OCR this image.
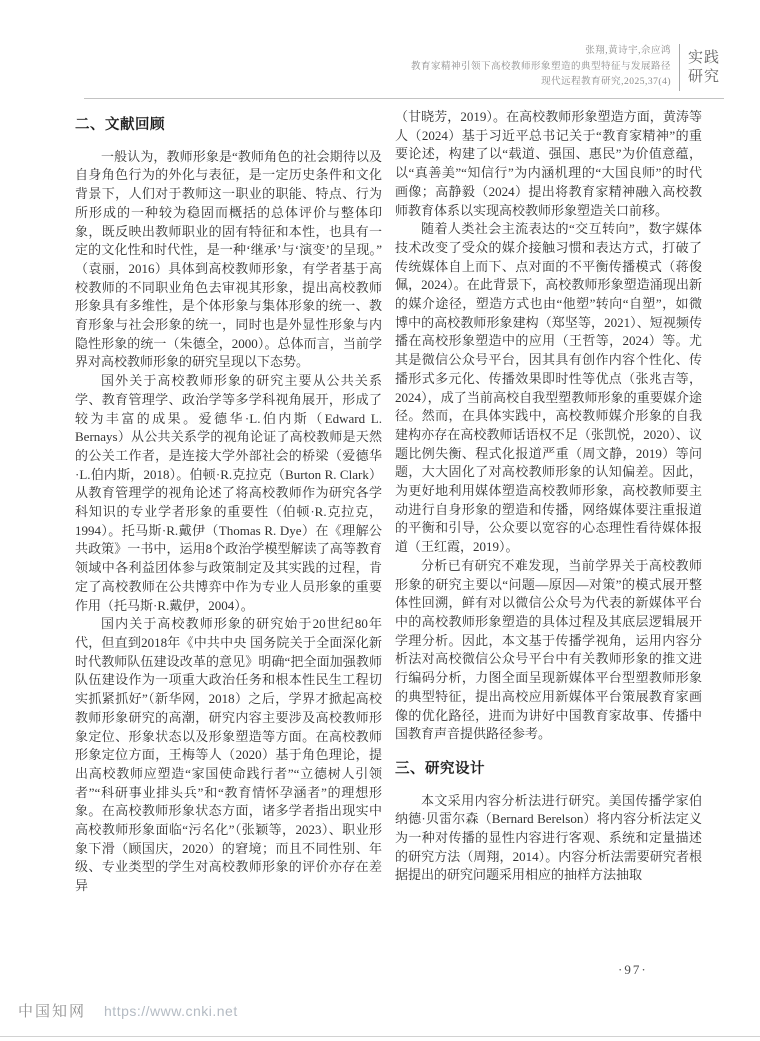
张翔,黄诗宇,佘应鸿
教育家精神引领下高校教师形象塑造的典型特征与发展路径
现代远程教育研究,2025,37(4)
实践
研究
二、文献回顾

一般认为，教师形象是“教师角色的社会期待以及自身角色行为的外化与表征，是一定历史条件和文化背景下，人们对于教师这一职业的职能、特点、行为所形成的一种较为稳固而概括的总体评价与整体印象，既反映出教师职业的固有特征和本性，也具有一定的文化性和时代性，是一种‘继承’与‘演变’的呈现。”（袁丽，2016）具体到高校教师形象，有学者基于高校教师的不同职业角色去审视其形象，提出高校教师形象具有多维性，是个体形象与集体形象的统一、教育形象与社会形象的统一，同时也是外显性形象与内隐性形象的统一（朱德全，2000）。总体而言，当前学界对高校教师形象的研究呈现以下态势。

国外关于高校教师形象的研究主要从公共关系学、教育管理学、政治学等多学科视角展开，形成了较为丰富的成果。爱德华·L.伯内斯（Edward L. Bernays）从公共关系学的视角论证了高校教师是天然的公关工作者，是连接大学外部社会的桥梁（爱德华·L.伯内斯，2018）。伯顿·R.克拉克（Burton R. Clark）从教育管理学的视角论述了将高校教师作为研究各学科知识的专业学者形象的重要性（伯顿·R.克拉克，1994）。托马斯·R.戴伊（Thomas R. Dye）在《理解公共政策》一书中，运用8个政治学模型解读了高等教育领域中各利益团体参与政策制定及其实践的过程，肯定了高校教师在公共博弈中作为专业人员形象的重要作用（托马斯·R.戴伊，2004）。

国内关于高校教师形象的研究始于20世纪80年代，但直到2018年《中共中央 国务院关于全面深化新时代教师队伍建设改革的意见》明确“把全面加强教师队伍建设作为一项重大政治任务和根本性民生工程切实抓紧抓好”（新华网，2018）之后，学界才掀起高校教师形象研究的高潮，研究内容主要涉及高校教师形象定位、形象状态以及形象塑造等方面。在高校教师形象定位方面，王梅等人（2020）基于角色理论，提出高校教师应塑造“家国使命践行者”“立德树人引领者”“科研事业排头兵”和“教育情怀孕涵者”的理想形象。在高校教师形象状态方面，诸多学者指出现实中高校教师形象面临“污名化”（张颖等，2023）、职业形象下滑（顾国庆，2020）的窘境；而且不同性别、年级、专业类型的学生对高校教师形象的评价亦存在差异

（甘晓芳，2019）。在高校教师形象塑造方面，黄涛等人（2024）基于习近平总书记关于“教育家精神”的重要论述，构建了以“载道、强国、惠民”为价值意蕴，以“真善美”“知信行”为内涵机理的“大国良师”的时代画像；高静毅（2024）提出将教育家精神融入高校教师教育体系以实现高校教师形象塑造关口前移。

随着人类社会主流表达的“交互转向”，数字媒体技术改变了受众的媒介接触习惯和表达方式，打破了传统媒体自上而下、点对面的不平衡传播模式（蒋俊佩，2024）。在此背景下，高校教师形象塑造涌现出新的媒介途径，塑造方式也由“他塑”转向“自塑”，如微博中的高校教师形象建构（郑坚等，2021）、短视频传播在高校形象塑造中的应用（王哲等，2024）等。尤其是微信公众号平台，因其具有创作内容个性化、传播形式多元化、传播效果即时性等优点（张兆吉等，2024），成了当前高校自我型塑教师形象的重要媒介途径。然而，在具体实践中，高校教师媒介形象的自我建构亦存在高校教师话语权不足（张凯悦，2020）、议题比例失衡、程式化报道严重（周文静，2019）等问题，大大固化了对高校教师形象的认知偏差。因此，为更好地利用媒体塑造高校教师形象，高校教师要主动进行自身形象的塑造和传播，网络媒体要注重报道的平衡和引导，公众要以宽容的心态理性看待媒体报道（王红霞，2019）。

分析已有研究不难发现，当前学界关于高校教师形象的研究主要以“问题—原因—对策”的模式展开整体性回溯，鲜有对以微信公众号为代表的新媒体平台中的高校教师形象塑造的具体过程及其底层逻辑展开学理分析。因此，本文基于传播学视角，运用内容分析法对高校微信公众号平台中有关教师形象的推文进行编码分析，力图全面呈现新媒体平台型塑教师形象的典型特征，提出高校应用新媒体平台策展教育家画像的优化路径，进而为讲好中国教育家故事、传播中国教育声音提供路径参考。

三、研究设计

本文采用内容分析法进行研究。美国传播学家伯纳德·贝雷尔森（Bernard Berelson）将内容分析法定义为一种对传播的显性内容进行客观、系统和定量描述的研究方法（周翔，2014）。内容分析法需要研究者根据提出的研究问题采用相应的抽样方法抽取

·97·
中国知网 https://www.cnki.net
